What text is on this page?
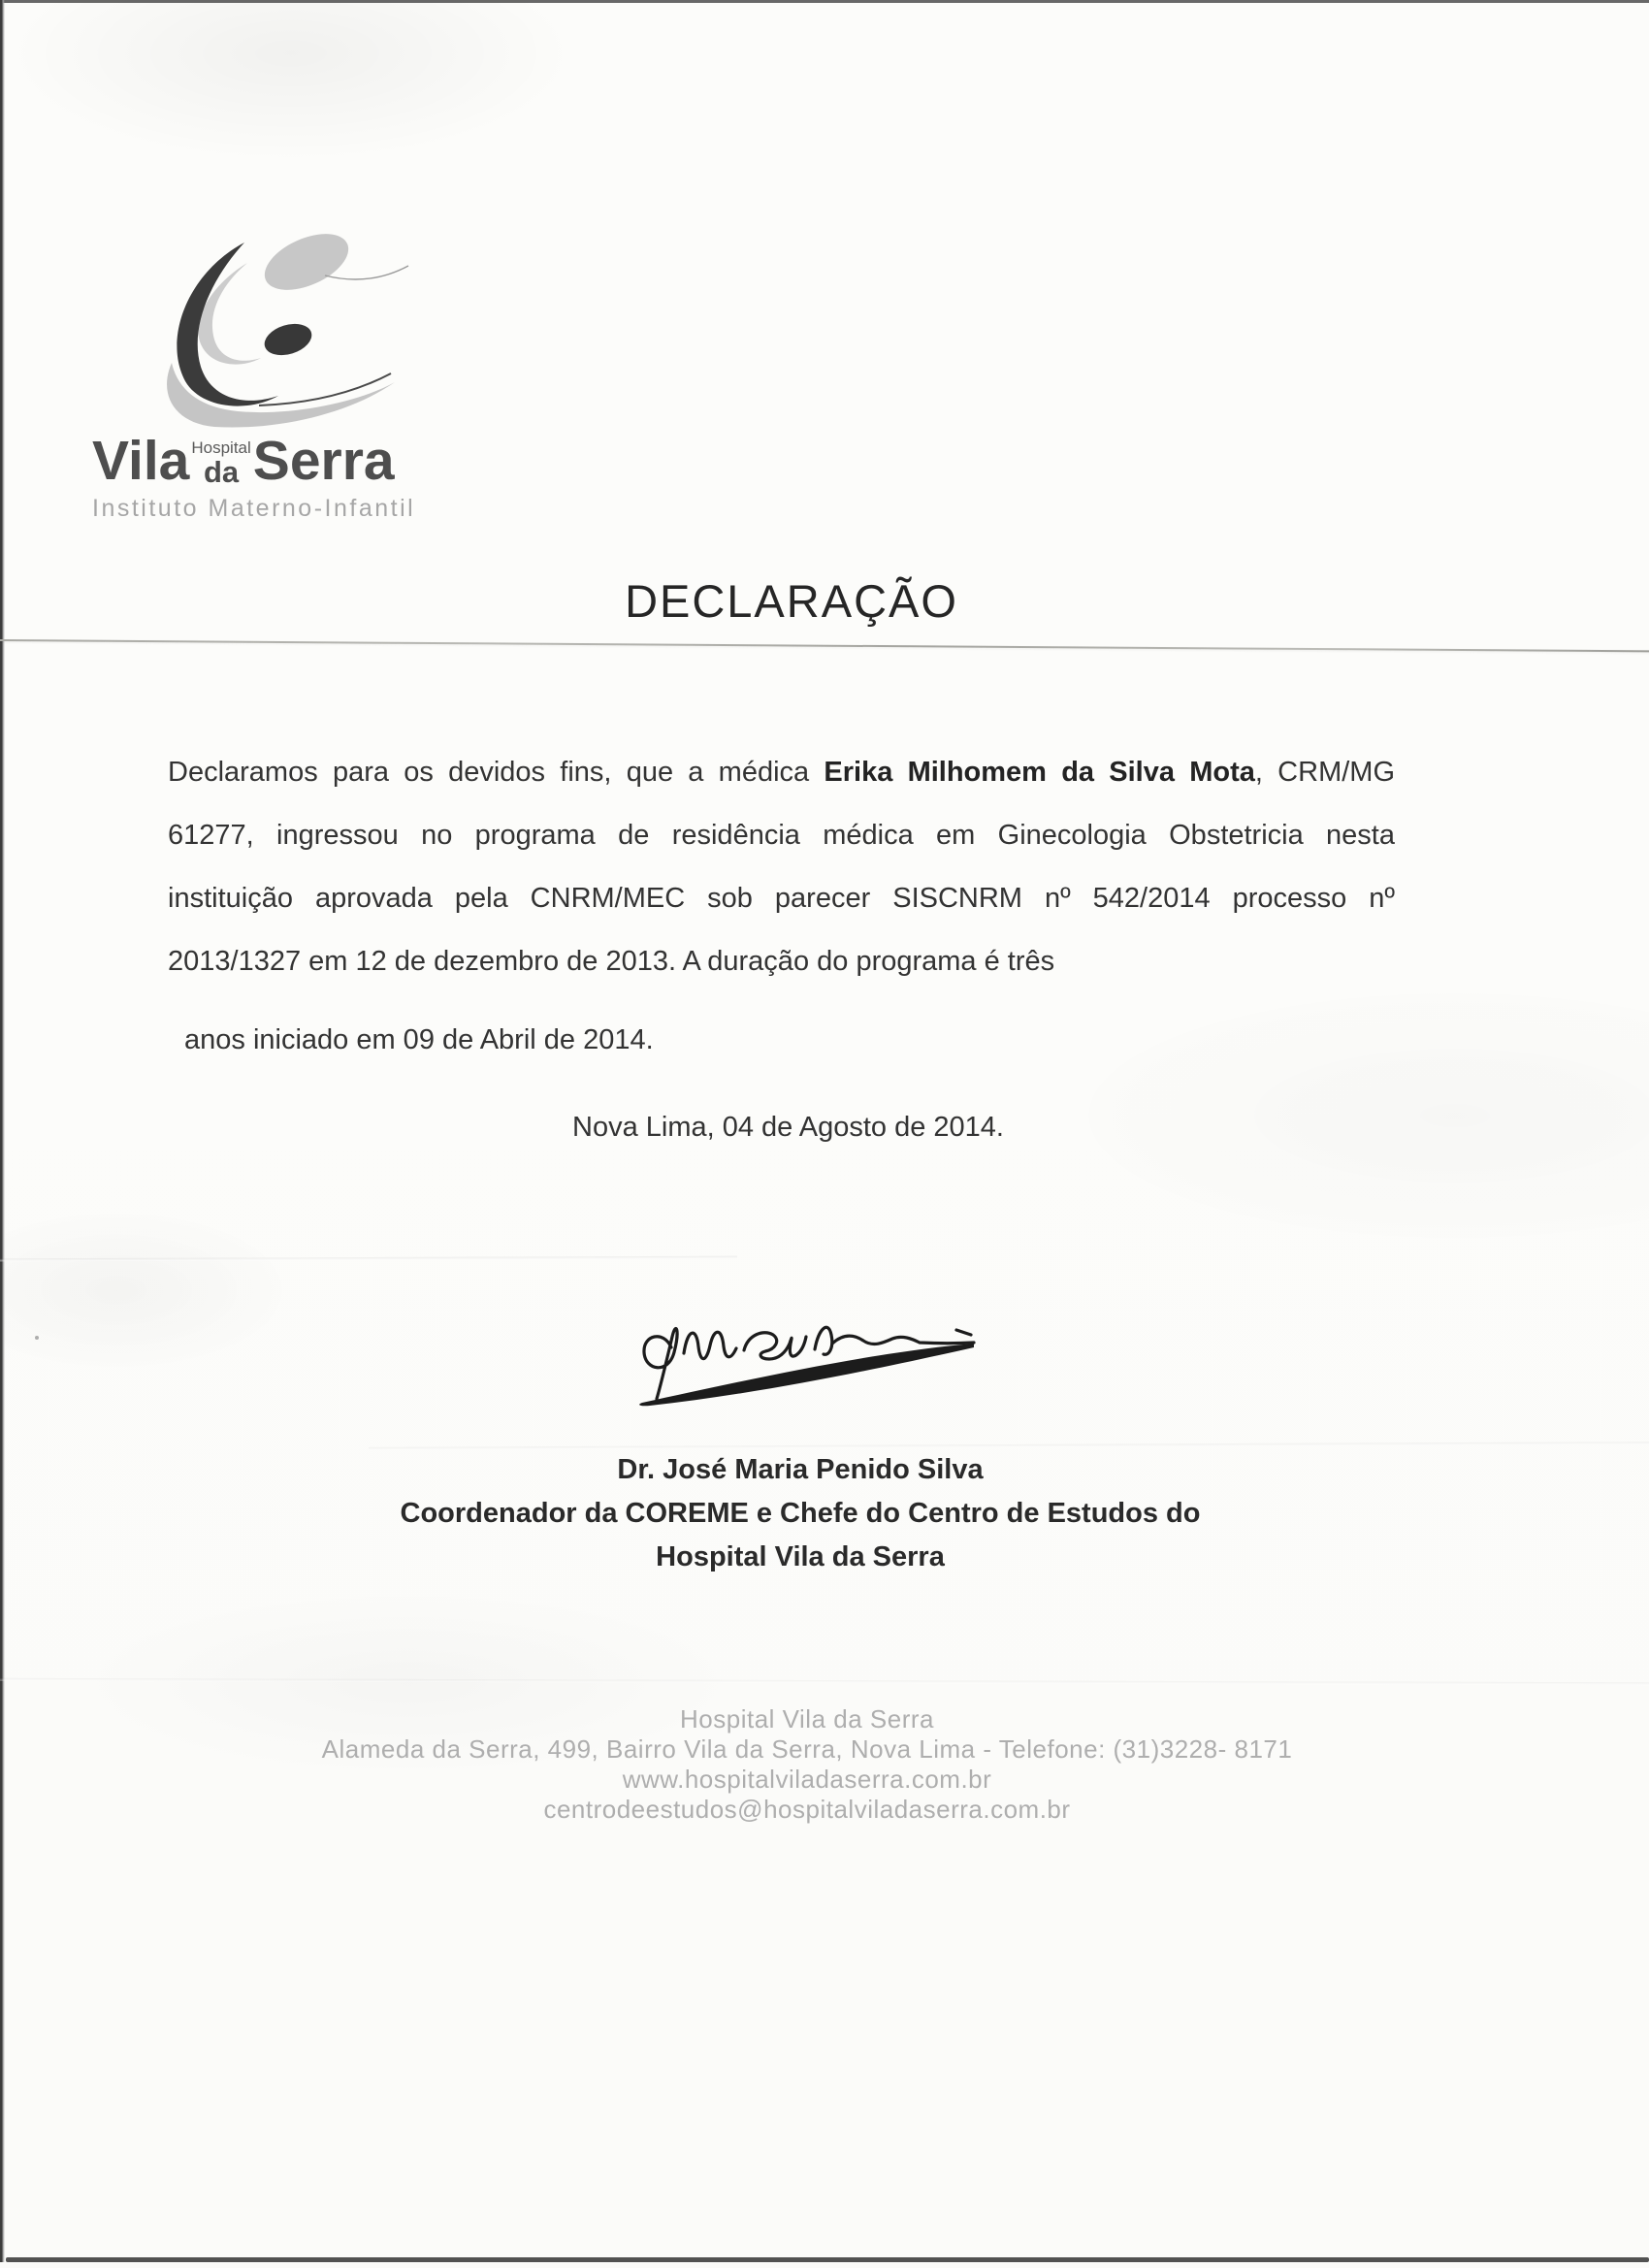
Vila Hospital
da Serra
Instituto Materno-Infantil
DECLARAÇÃO
Declaramos para os devidos fins, que a médica Erika Milhomem da Silva Mota, CRM/MG
61277, ingressou no programa de residência médica em Ginecologia Obstetricia nesta
instituição aprovada pela CNRM/MEC sob parecer SISCNRM nº 542/2014 processo nº
2013/1327 em 12 de dezembro de 2013. A duração do programa é três
anos iniciado em 09 de Abril de 2014.
Nova Lima, 04 de Agosto de 2014.
Dr. José Maria Penido Silva
Coordenador da COREME e Chefe do Centro de Estudos do
Hospital Vila da Serra
Hospital Vila da Serra
Alameda da Serra, 499, Bairro Vila da Serra, Nova Lima - Telefone: (31)3228- 8171
www.hospitalviladaserra.com.br
centrodeestudos@hospitalviladaserra.com.br
